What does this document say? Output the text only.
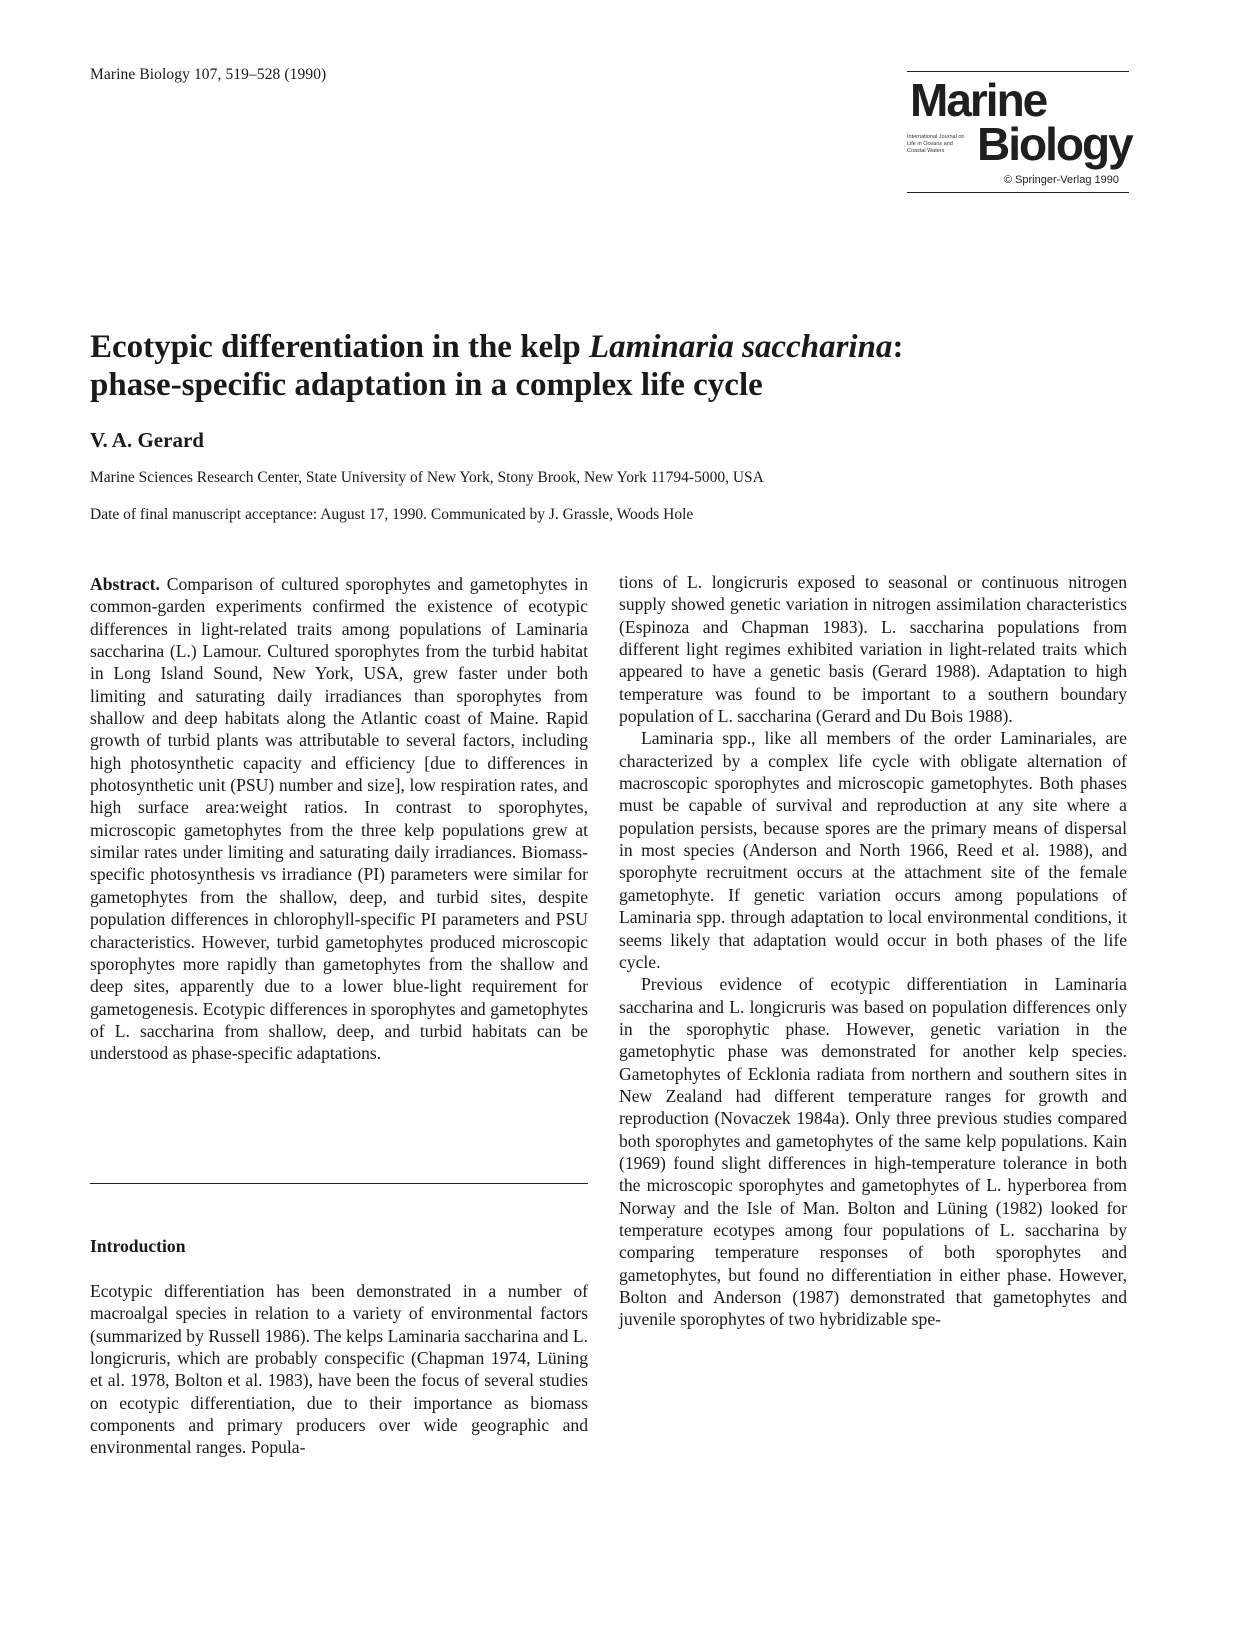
Marine Biology 107, 519–528 (1990)	Marine
International Journal on Life in Oceans and Coastal Waters Biology
© Springer-Verlag 1990
Ecotypic differentiation in the kelp Laminaria saccharina:
phase-specific adaptation in a complex life cycle
V. A. Gerard
Marine Sciences Research Center, State University of New York, Stony Brook, New York 11794-5000, USA
Date of final manuscript acceptance: August 17, 1990. Communicated by J. Grassle, Woods Hole

Abstract. Comparison of cultured sporophytes and gametophytes in common-garden experiments confirmed the existence of ecotypic differences in light-related traits among populations of Laminaria saccharina (L.) Lamour. Cultured sporophytes from the turbid habitat in Long Island Sound, New York, USA, grew faster under both limiting and saturating daily irradiances than sporophytes from shallow and deep habitats along the Atlantic coast of Maine. Rapid growth of turbid plants was attributable to several factors, including high photosynthetic capacity and efficiency [due to differences in photosynthetic unit (PSU) number and size], low respiration rates, and high surface area:weight ratios. In contrast to sporophytes, microscopic gametophytes from the three kelp populations grew at similar rates under limiting and saturating daily irradiances. Biomass-specific photosynthesis vs irradiance (PI) parameters were similar for gametophytes from the shallow, deep, and turbid sites, despite population differences in chlorophyll-specific PI parameters and PSU characteristics. However, turbid gametophytes produced microscopic sporophytes more rapidly than gametophytes from the shallow and deep sites, apparently due to a lower blue-light requirement for gametogenesis. Ecotypic differences in sporophytes and gametophytes of L. saccharina from shallow, deep, and turbid habitats can be understood as phase-specific adaptations.

Introduction

Ecotypic differentiation has been demonstrated in a number of macroalgal species in relation to a variety of environmental factors (summarized by Russell 1986). The kelps Laminaria saccharina and L. longicruris, which are probably conspecific (Chapman 1974, Lüning et al. 1978, Bolton et al. 1983), have been the focus of several studies on ecotypic differentiation, due to their importance as biomass components and primary producers over wide geographic and environmental ranges. Popula-

tions of L. longicruris exposed to seasonal or continuous nitrogen supply showed genetic variation in nitrogen assimilation characteristics (Espinoza and Chapman 1983). L. saccharina populations from different light regimes exhibited variation in light-related traits which appeared to have a genetic basis (Gerard 1988). Adaptation to high temperature was found to be important to a southern boundary population of L. saccharina (Gerard and Du Bois 1988).

Laminaria spp., like all members of the order Laminariales, are characterized by a complex life cycle with obligate alternation of macroscopic sporophytes and microscopic gametophytes. Both phases must be capable of survival and reproduction at any site where a population persists, because spores are the primary means of dispersal in most species (Anderson and North 1966, Reed et al. 1988), and sporophyte recruitment occurs at the attachment site of the female gametophyte. If genetic variation occurs among populations of Laminaria spp. through adaptation to local environmental conditions, it seems likely that adaptation would occur in both phases of the life cycle.

Previous evidence of ecotypic differentiation in Laminaria saccharina and L. longicruris was based on population differences only in the sporophytic phase. However, genetic variation in the gametophytic phase was demonstrated for another kelp species. Gametophytes of Ecklonia radiata from northern and southern sites in New Zealand had different temperature ranges for growth and reproduction (Novaczek 1984a). Only three previous studies compared both sporophytes and gametophytes of the same kelp populations. Kain (1969) found slight differences in high-temperature tolerance in both the microscopic sporophytes and gametophytes of L. hyperborea from Norway and the Isle of Man. Bolton and Lüning (1982) looked for temperature ecotypes among four populations of L. saccharina by comparing temperature responses of both sporophytes and gametophytes, but found no differentiation in either phase. However, Bolton and Anderson (1987) demonstrated that gametophytes and juvenile sporophytes of two hybridizable spe-
